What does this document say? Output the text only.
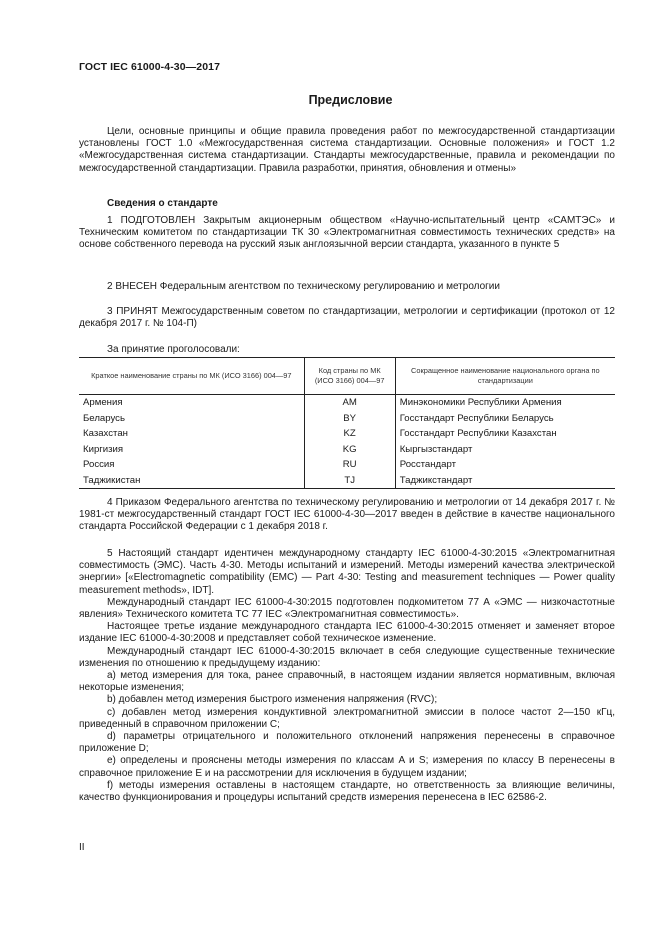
ГОСТ IEC 61000-4-30—2017
Предисловие

Цели, основные принципы и общие правила проведения работ по межгосударственной стандартизации установлены ГОСТ 1.0 «Межгосударственная система стандартизации. Основные положения» и ГОСТ 1.2 «Межгосударственная система стандартизации. Стандарты межгосударственные, правила и рекомендации по межгосударственной стандартизации. Правила разработки, принятия, обновления и отмены»

Сведения о стандарте

1 ПОДГОТОВЛЕН Закрытым акционерным обществом «Научно-испытательный центр «САМТЭС» и Техническим комитетом по стандартизации ТК 30 «Электромагнитная совместимость технических средств» на основе собственного перевода на русский язык англоязычной версии стандарта, указанного в пункте 5

2 ВНЕСЕН Федеральным агентством по техническому регулированию и метрологии

3 ПРИНЯТ Межгосударственным советом по стандартизации, метрологии и сертификации (протокол от 12 декабря 2017 г. № 104-П)

За принятие проголосовали:

Краткое наименование страны по МК (ИСО 3166) 004—97	Код страны по МК (ИСО 3166) 004—97	Сокращенное наименование национального органа по стандартизации
Армения	AM	Минэкономики Республики Армения
Беларусь	BY	Госстандарт Республики Беларусь
Казахстан	KZ	Госстандарт Республики Казахстан
Киргизия	KG	Кыргызстандарт
Россия	RU	Росстандарт
Таджикистан	TJ	Таджикстандарт

4 Приказом Федерального агентства по техническому регулированию и метрологии от 14 декабря 2017 г. № 1981-ст межгосударственный стандарт ГОСТ IEC 61000-4-30—2017 введен в действие в качестве национального стандарта Российской Федерации с 1 декабря 2018 г.

5 Настоящий стандарт идентичен международному стандарту IEC 61000-4-30:2015 «Электромагнитная совместимость (ЭМС). Часть 4-30. Методы испытаний и измерений. Методы измерений качества электрической энергии» [«Electromagnetic compatibility (EMC) — Part 4-30: Testing and measurement techniques — Power quality measurement methods», IDT].

Международный стандарт IEC 61000-4-30:2015 подготовлен подкомитетом 77 А «ЭМС — низкочастотные явления» Технического комитета ТС 77 IEC «Электромагнитная совместимость».

Настоящее третье издание международного стандарта IEC 61000-4-30:2015 отменяет и заменяет второе издание IEC 61000-4-30:2008 и представляет собой техническое изменение.

Международный стандарт IEC 61000-4-30:2015 включает в себя следующие существенные технические изменения по отношению к предыдущему изданию:

a) метод измерения для тока, ранее справочный, в настоящем издании является нормативным, включая некоторые изменения;

b) добавлен метод измерения быстрого изменения напряжения (RVC);

c) добавлен метод измерения кондуктивной электромагнитной эмиссии в полосе частот 2—150 кГц, приведенный в справочном приложении C;

d) параметры отрицательного и положительного отклонений напряжения перенесены в справочное приложение D;

e) определены и прояснены методы измерения по классам A и S; измерения по классу B перенесены в справочное приложение E и на рассмотрении для исключения в будущем издании;

f) методы измерения оставлены в настоящем стандарте, но ответственность за влияющие величины, качество функционирования и процедуры испытаний средств измерения перенесена в IEC 62586-2.

II
